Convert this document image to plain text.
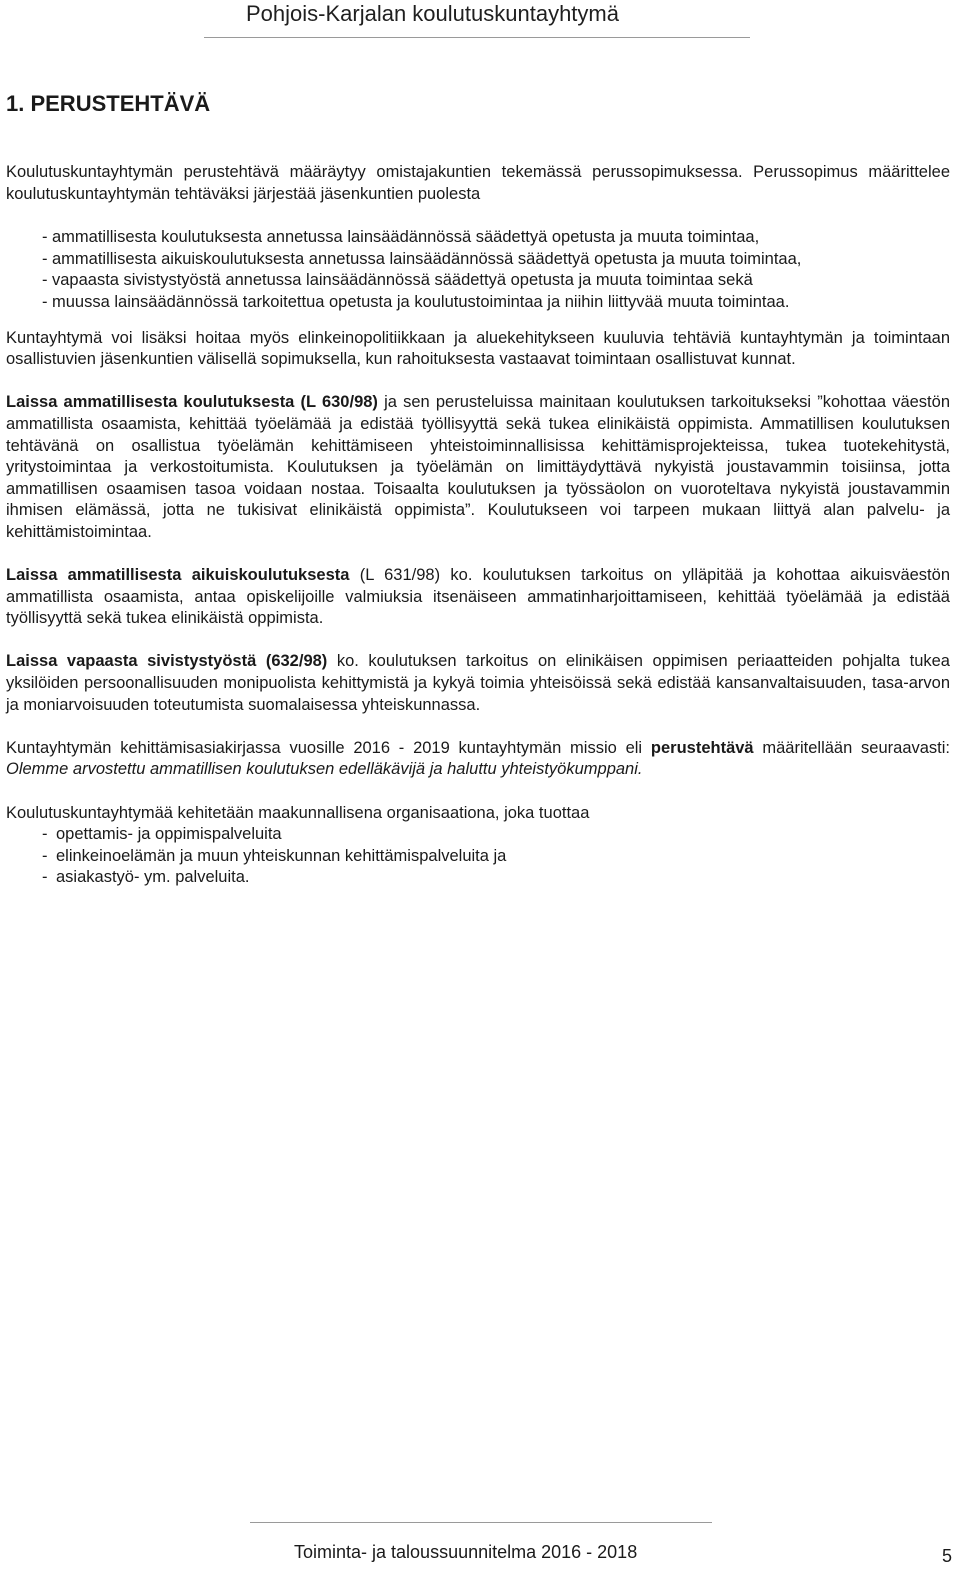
Pohjois-Karjalan koulutuskuntayhtymä
1. PERUSTEHTÄVÄ

Koulutuskuntayhtymän perustehtävä määräytyy omistajakuntien tekemässä perussopimuksessa. Perussopimus määrittelee koulutuskuntayhtymän tehtäväksi järjestää jäsenkuntien puolesta

- ammatillisesta koulutuksesta annetussa lainsäädännössä säädettyä opetusta ja muuta toimintaa,
- ammatillisesta aikuiskoulutuksesta annetussa lainsäädännössä säädettyä opetusta ja muuta toimintaa,
- vapaasta sivistystyöstä annetussa lainsäädännössä säädettyä opetusta ja muuta toimintaa sekä
- muussa lainsäädännössä tarkoitettua opetusta ja koulutustoimintaa ja niihin liittyvää muuta toimintaa.

Kuntayhtymä voi lisäksi hoitaa myös elinkeinopolitiikkaan ja aluekehitykseen kuuluvia tehtäviä kuntayhtymän ja toimintaan osallistuvien jäsenkuntien välisellä sopimuksella, kun rahoituksesta vastaavat toimintaan osallistuvat kunnat.

Laissa ammatillisesta koulutuksesta (L 630/98) ja sen perusteluissa mainitaan koulutuksen tarkoitukseksi ”kohottaa väestön ammatillista osaamista, kehittää työelämää ja edistää työllisyyttä sekä tukea elinikäistä oppimista. Ammatillisen koulutuksen tehtävänä on osallistua työelämän kehittämiseen yhteistoiminnallisissa kehittämisprojekteissa, tukea tuotekehitystä, yritystoimintaa ja verkostoitumista. Koulutuksen ja työelämän on limittäydyttävä nykyistä joustavammin toisiinsa, jotta ammatillisen osaamisen tasoa voidaan nostaa. Toisaalta koulutuksen ja työssäolon on vuoroteltava nykyistä joustavammin ihmisen elämässä, jotta ne tukisivat elinikäistä oppimista”. Koulutukseen voi tarpeen mukaan liittyä alan palvelu- ja kehittämistoimintaa.

Laissa ammatillisesta aikuiskoulutuksesta (L 631/98) ko. koulutuksen tarkoitus on ylläpitää ja kohottaa aikuisväestön ammatillista osaamista, antaa opiskelijoille valmiuksia itsenäiseen ammatinharjoittamiseen, kehittää työelämää ja edistää työllisyyttä sekä tukea elinikäistä oppimista.

Laissa vapaasta sivistystyöstä (632/98) ko. koulutuksen tarkoitus on elinikäisen oppimisen periaatteiden pohjalta tukea yksilöiden persoonallisuuden monipuolista kehittymistä ja kykyä toimia yhteisöissä sekä edistää kansanvaltaisuuden, tasa-arvon ja moniarvoisuuden toteutumista suomalaisessa yhteiskunnassa.

Kuntayhtymän kehittämisasiakirjassa vuosille 2016 - 2019 kuntayhtymän missio eli perustehtävä määritellään seuraavasti: Olemme arvostettu ammatillisen koulutuksen edelläkävijä ja haluttu yhteistyökumppani.

Koulutuskuntayhtymää kehitetään maakunnallisena organisaationa, joka tuottaa
- opettamis- ja oppimispalveluita
- elinkeinoelämän ja muun yhteiskunnan kehittämispalveluita ja
- asiakastyö- ym. palveluita.
Toiminta- ja taloussuunnitelma 2016 - 2018	5
